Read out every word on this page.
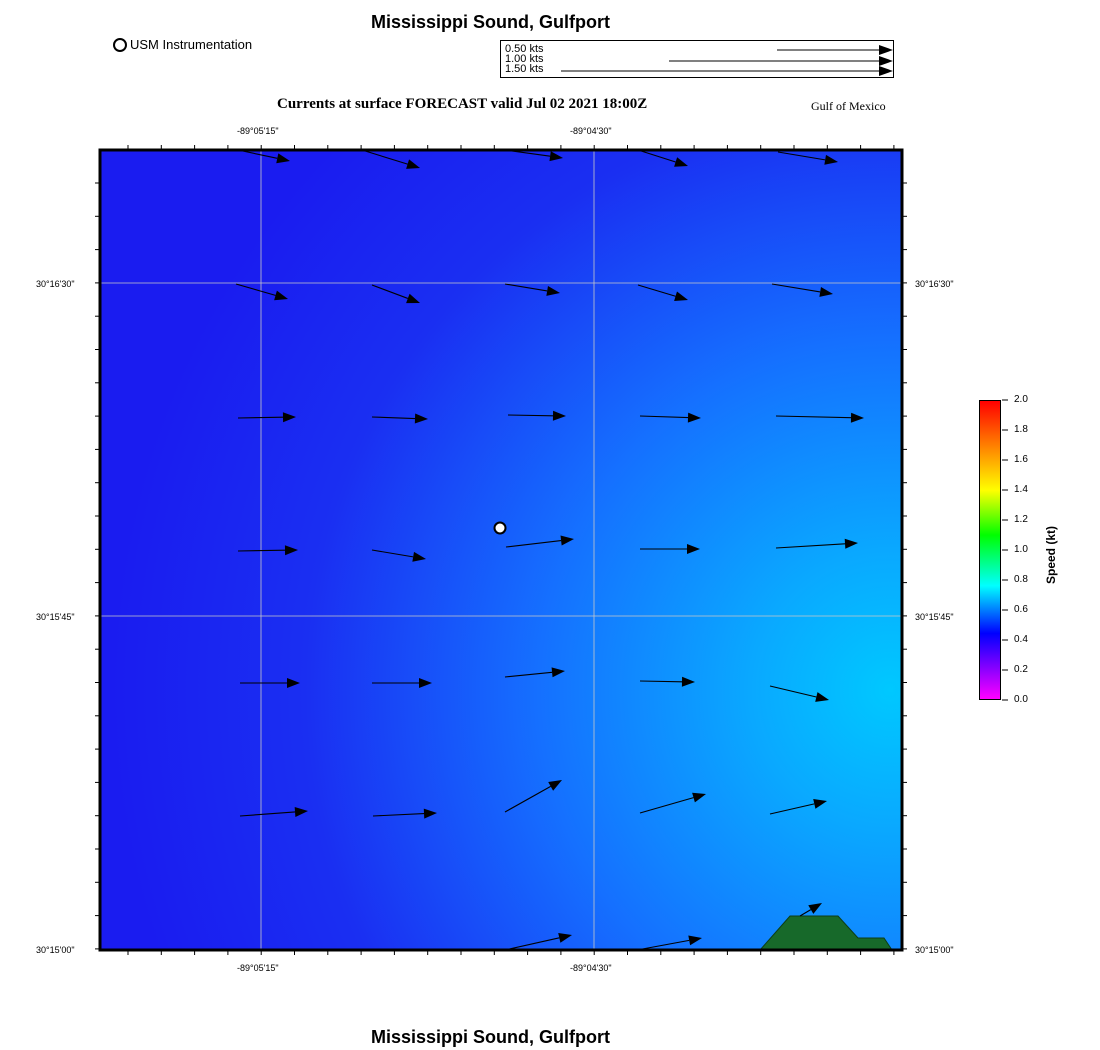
Mississippi Sound, Gulfport
USM Instrumentation	0.50 kts
1.00 kts
1.50 kts
Currents at surface FORECAST valid Jul 02 2021 18:00Z	Gulf of Mexico
-89°05'15"	-89°04'30"
-89°05'15"	-89°04'30"
30°16'30"
30°15'45"
30°15'00"
30°16'30"
30°15'45"
30°15'00"
2.0
1.8
1.6
1.4
1.2
1.0
0.8
0.6
0.4
0.2
0.0
Speed (kt)
Mississippi Sound, Gulfport
